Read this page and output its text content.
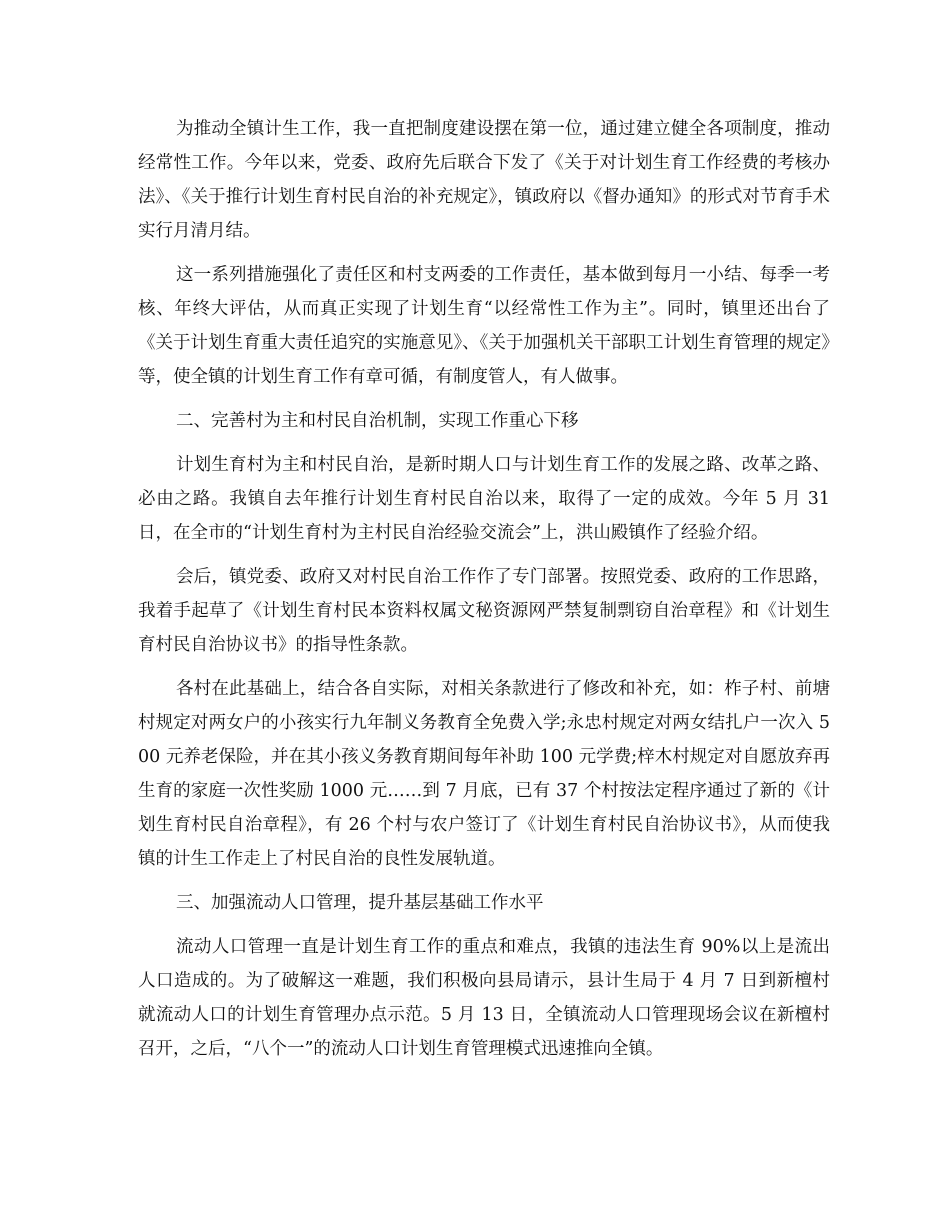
为推动全镇计生工作，我一直把制度建设摆在第一位，通过建立健全各项制度，推动经常性工作。今年以来，党委、政府先后联合下发了《关于对计划生育工作经费的考核办法》、《关于推行计划生育村民自治的补充规定》，镇政府以《督办通知》的形式对节育手术实行月清月结。

这一系列措施强化了责任区和村支两委的工作责任，基本做到每月一小结、每季一考核、年终大评估，从而真正实现了计划生育“以经常性工作为主”。同时，镇里还出台了《关于计划生育重大责任追究的实施意见》、《关于加强机关干部职工计划生育管理的规定》等，使全镇的计划生育工作有章可循，有制度管人，有人做事。

二、完善村为主和村民自治机制，实现工作重心下移

计划生育村为主和村民自治，是新时期人口与计划生育工作的发展之路、改革之路、必由之路。我镇自去年推行计划生育村民自治以来，取得了一定的成效。今年 5 月 31 日，在全市的“计划生育村为主村民自治经验交流会”上，洪山殿镇作了经验介绍。

会后，镇党委、政府又对村民自治工作作了专门部署。按照党委、政府的工作思路，我着手起草了《计划生育村民本资料权属文秘资源网严禁复制剽窃自治章程》和《计划生育村民自治协议书》的指导性条款。

各村在此基础上，结合各自实际，对相关条款进行了修改和补充，如：柞子村、前塘村规定对两女户的小孩实行九年制义务教育全免费入学;永忠村规定对两女结扎户一次入 500 元养老保险，并在其小孩义务教育期间每年补助 100 元学费;梓木村规定对自愿放弃再生育的家庭一次性奖励 1000 元……到 7 月底，已有 37 个村按法定程序通过了新的《计划生育村民自治章程》，有 26 个村与农户签订了《计划生育村民自治协议书》，从而使我镇的计生工作走上了村民自治的良性发展轨道。

三、加强流动人口管理，提升基层基础工作水平

流动人口管理一直是计划生育工作的重点和难点，我镇的违法生育 90%以上是流出人口造成的。为了破解这一难题，我们积极向县局请示，县计生局于 4 月 7 日到新檀村就流动人口的计划生育管理办点示范。5 月 13 日，全镇流动人口管理现场会议在新檀村召开，之后，“八个一”的流动人口计划生育管理模式迅速推向全镇。
